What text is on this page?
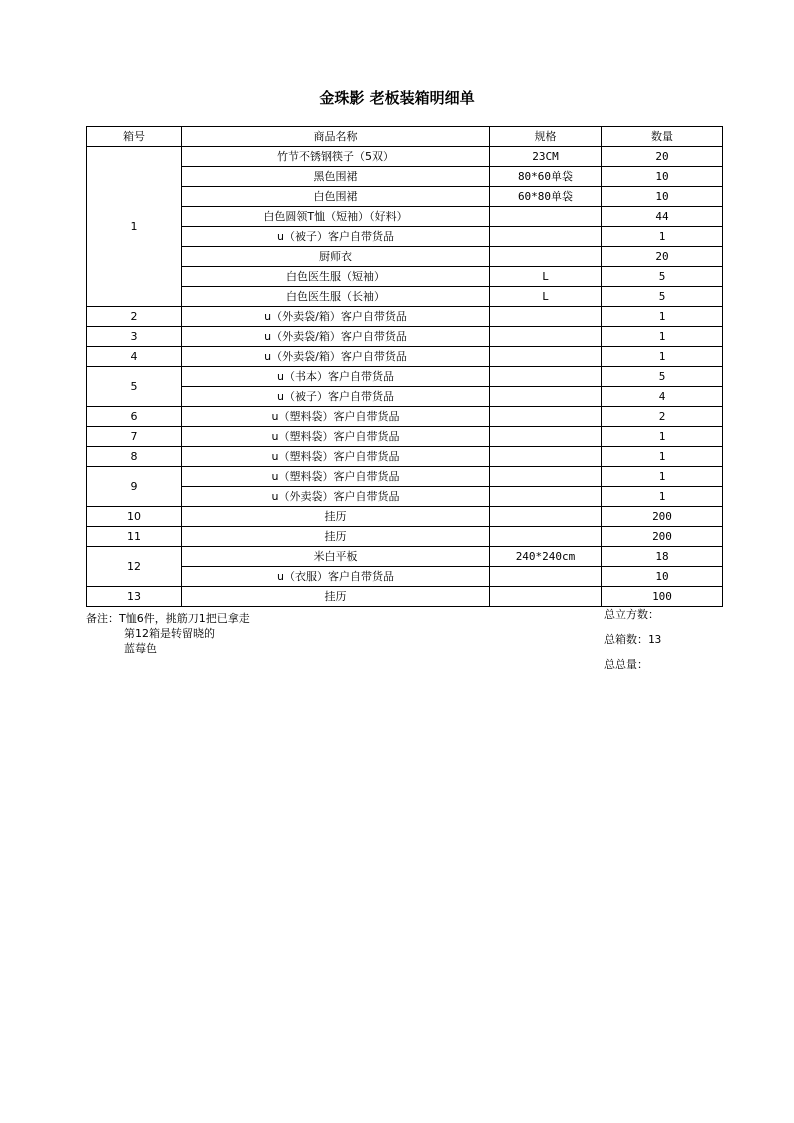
金珠影 老板装箱明细单
箱号	商品名称	规格	数量
1	竹节不锈钢筷子（5双）	23CM	20
	黑色围裙	80*60单袋	10
	白色围裙	60*80单袋	10
	白色圆领T恤（短袖）（好料）		44
	u（被子）客户自带货品		1
	厨师衣		20
	白色医生服（短袖）	L	5
	白色医生服（长袖）	L	5
2	u（外卖袋/箱）客户自带货品		1
3	u（外卖袋/箱）客户自带货品		1
4	u（外卖袋/箱）客户自带货品		1
5	u（书本）客户自带货品		5
	u（被子）客户自带货品		4
6	u（塑料袋）客户自带货品		2
7	u（塑料袋）客户自带货品		1
8	u（塑料袋）客户自带货品		1
9	u（塑料袋）客户自带货品		1
	u（外卖袋）客户自带货品		1
10	挂历		200
11	挂历		200
12	米白平板	240*240cm	18
	u（衣服）客户自带货品		10
13	挂历		100
备注：T恤6件，挑筋刀1把已拿走
第12箱是转留晓的
蓝莓色
总立方数：
总箱数：13
总总量：
